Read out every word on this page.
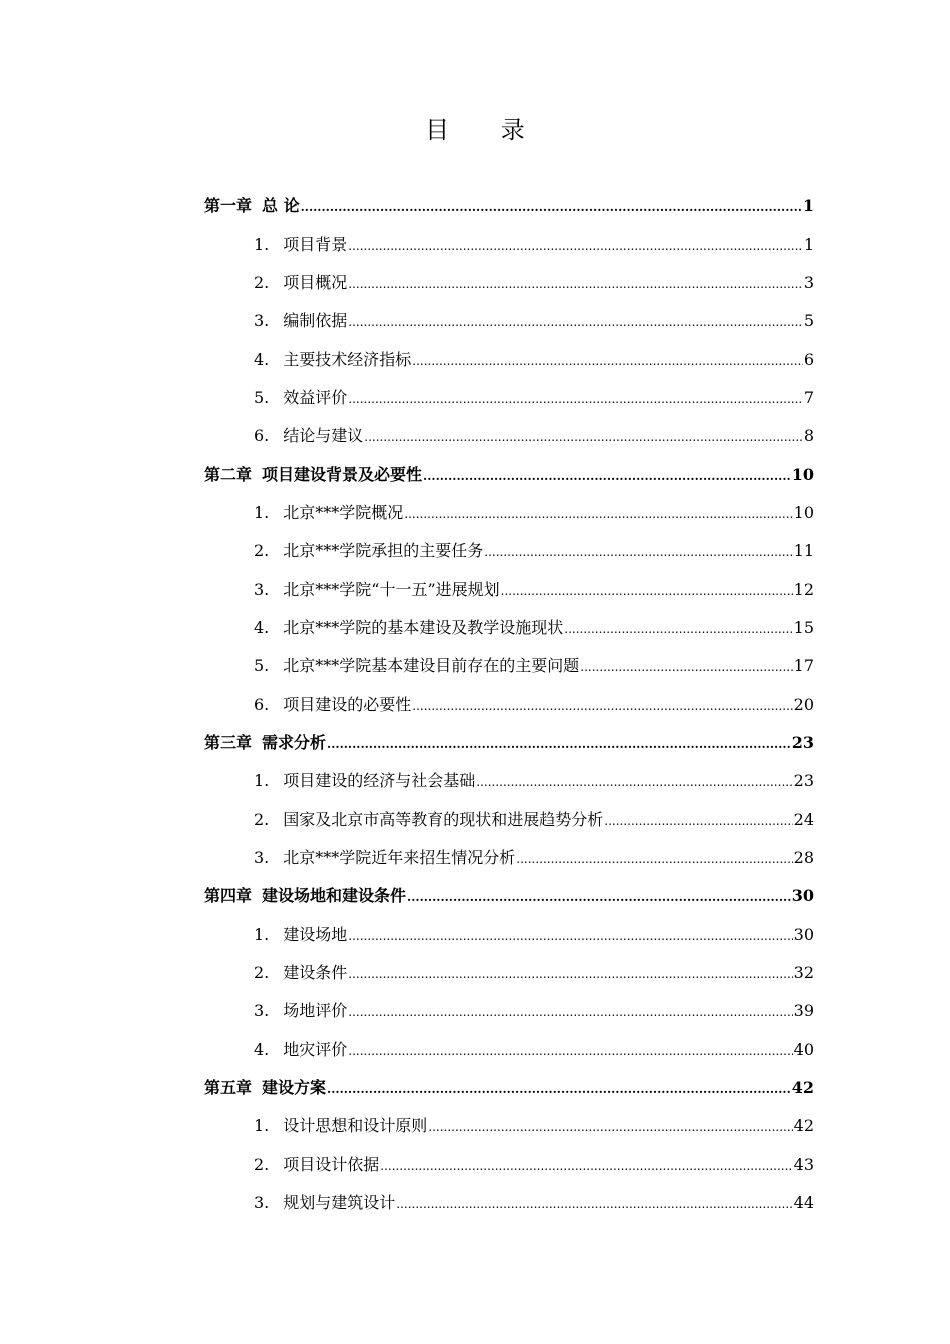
目 录
第一章 总 论 .....	1
1. 项目背景 .....	1
2. 项目概况 .....	3
3. 编制依据 .....	5
4. 主要技术经济指标 .....	6
5. 效益评价 .....	7
6. 结论与建议 .....	8
第二章 项目建设背景及必要性 .....	10
1. 北京***学院概况 .....	10
2. 北京***学院承担的主要任务 .....	11
3. 北京***学院“十一五”进展规划 .....	12
4. 北京***学院的基本建设及教学设施现状 .....	15
5. 北京***学院基本建设目前存在的主要问题 .....	17
6. 项目建设的必要性 .....	20
第三章 需求分析 .....	23
1. 项目建设的经济与社会基础 .....	23
2. 国家及北京市高等教育的现状和进展趋势分析 .....	24
3. 北京***学院近年来招生情况分析 .....	28
第四章 建设场地和建设条件 .....	30
1. 建设场地 .....	30
2. 建设条件 .....	32
3. 场地评价 .....	39
4. 地灾评价 .....	40
第五章 建设方案 .....	42
1. 设计思想和设计原则 .....	42
2. 项目设计依据 .....	43
3. 规划与建筑设计 .....	44
